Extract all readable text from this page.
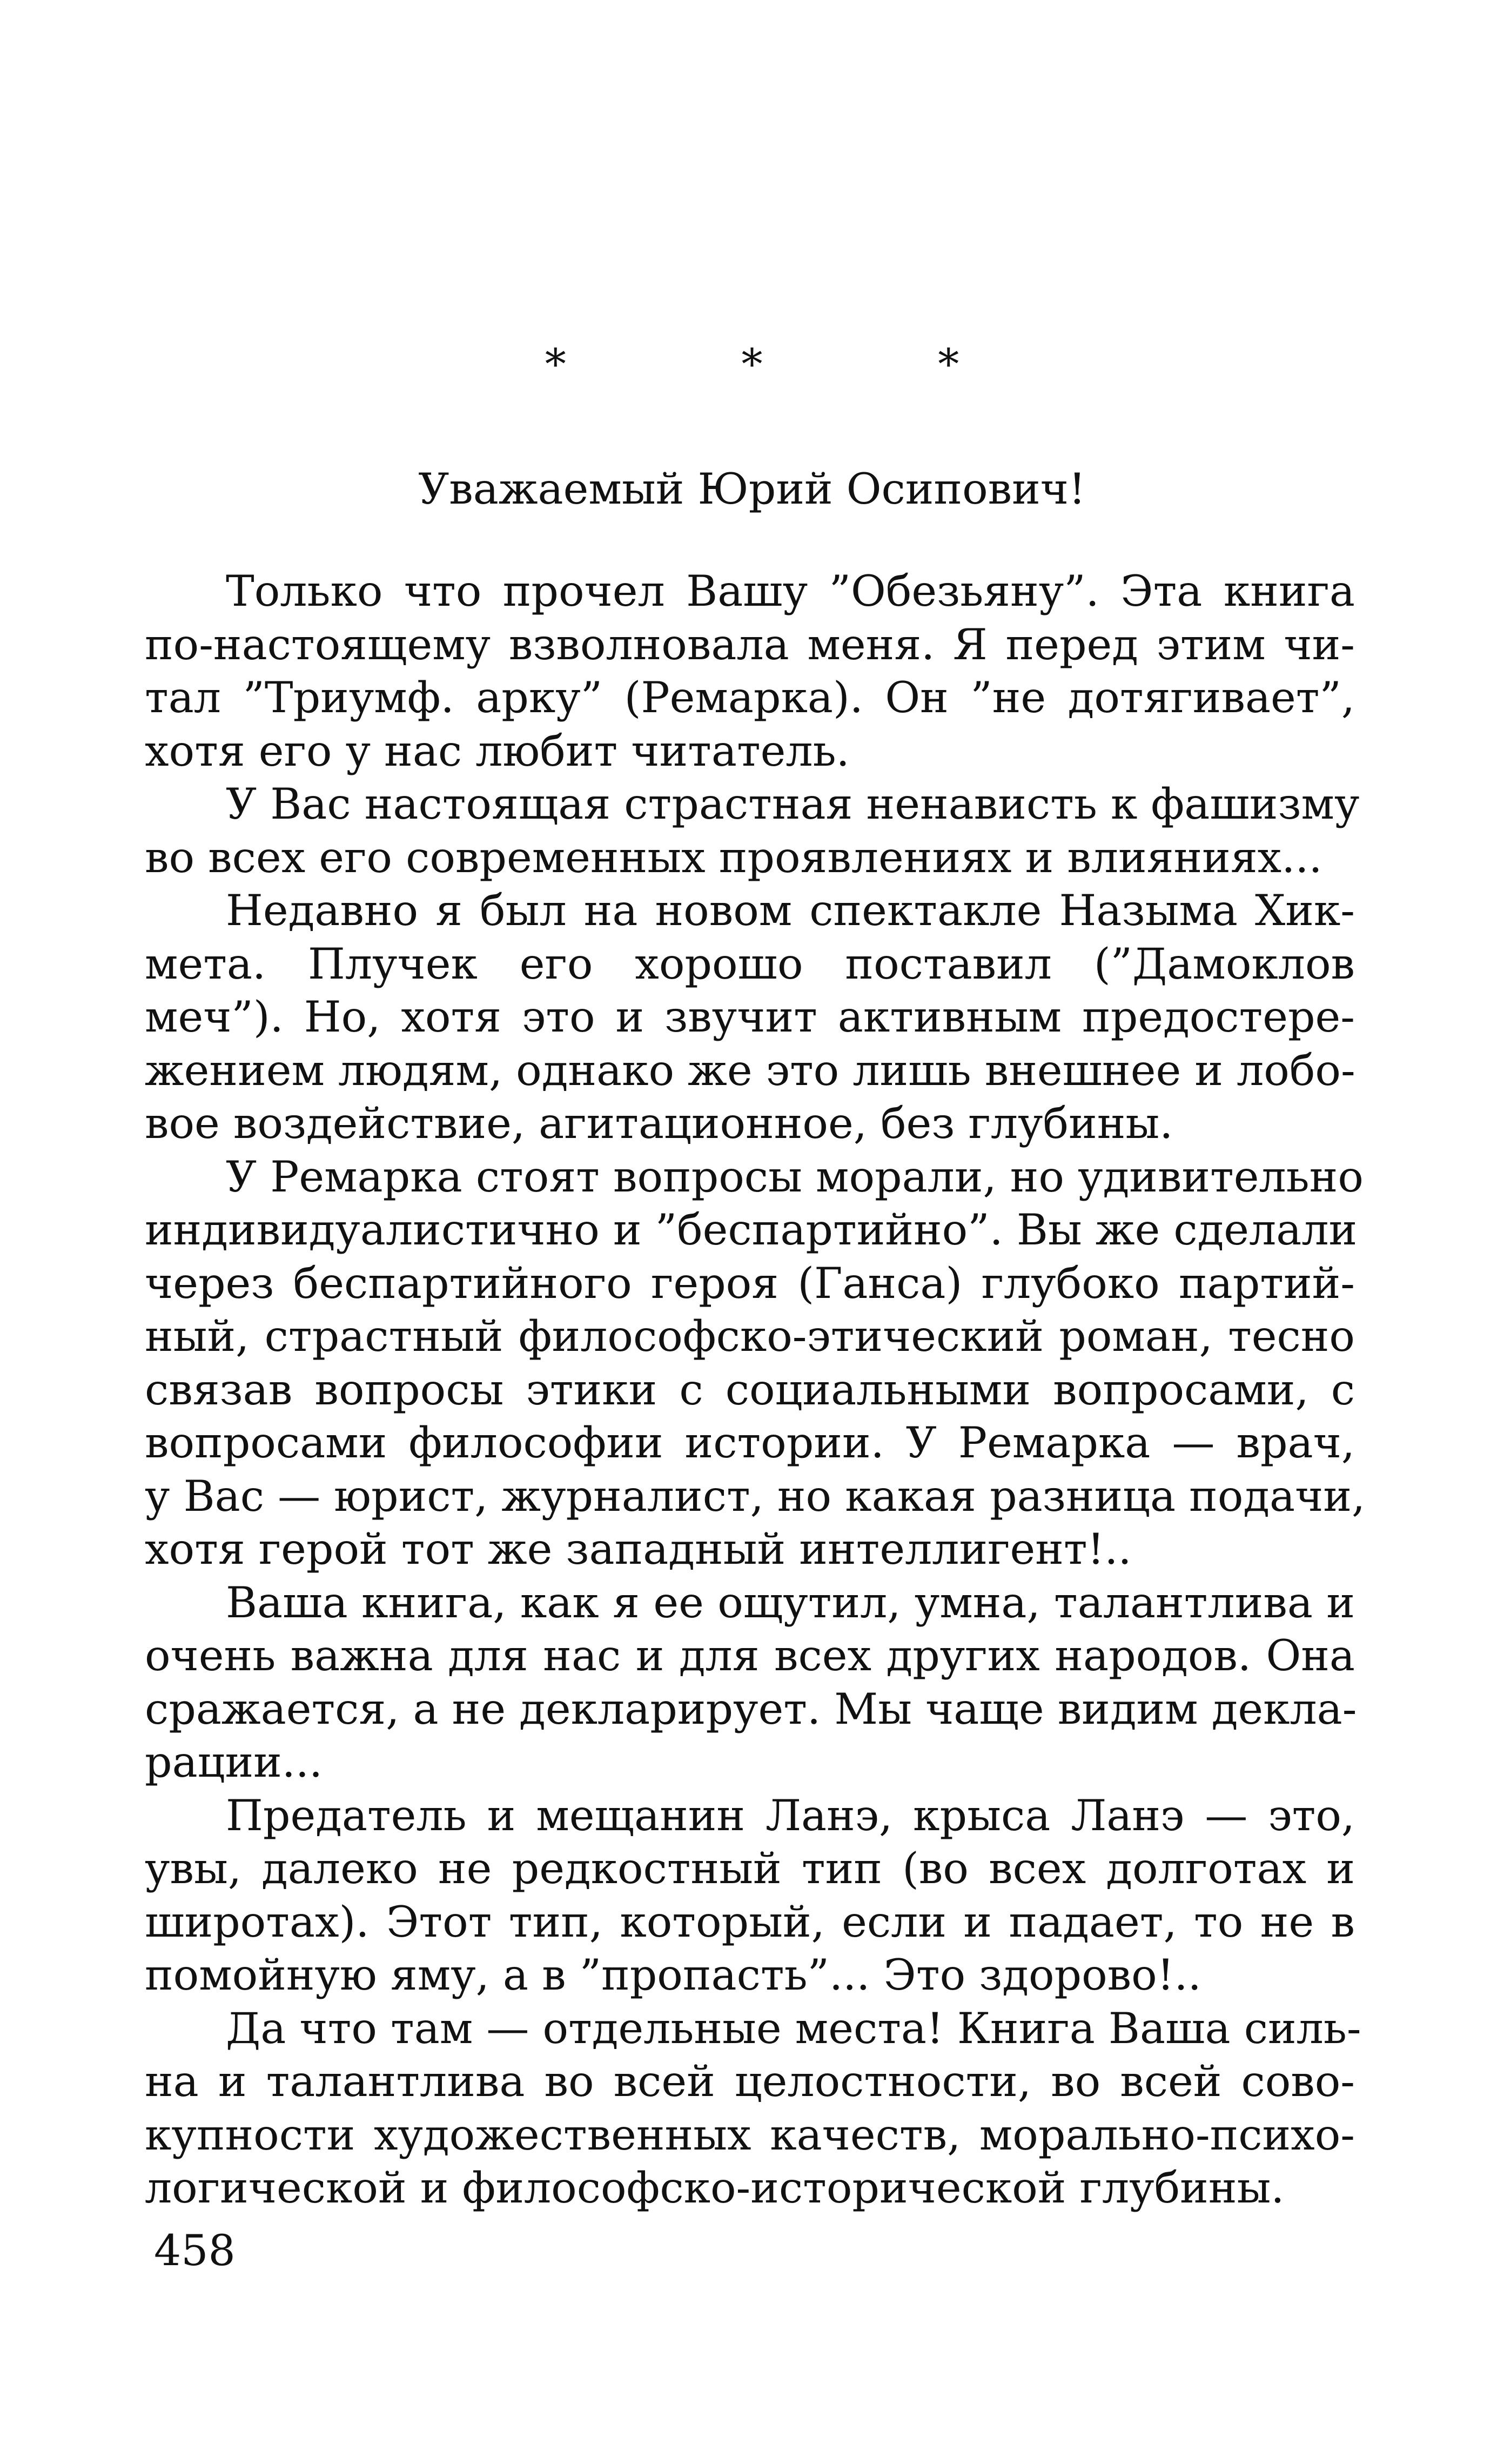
* * *
Уважаемый Юрий Осипович!
Только что прочел Вашу ”Обезьяну”. Эта книга
по-настоящему взволновала меня. Я перед этим чи-
тал ”Триумф. арку” (Ремарка). Он ”не дотягивает”,
хотя его у нас любит читатель.
У Вас настоящая страстная ненависть к фашизму
во всех его современных проявлениях и влияниях...
Недавно я был на новом спектакле Назыма Хик-
мета. Плучек его хорошо поставил (”Дамоклов
меч”). Но, хотя это и звучит активным предостере-
жением людям, однако же это лишь внешнее и лобо-
вое воздействие, агитационное, без глубины.
У Ремарка стоят вопросы морали, но удивительно
индивидуалистично и ”беспартийно”. Вы же сделали
через беспартийного героя (Ганса) глубоко партий-
ный, страстный философско-этический роман, тесно
связав вопросы этики с социальными вопросами, с
вопросами философии истории. У Ремарка — врач,
у Вас — юрист, журналист, но какая разница подачи,
хотя герой тот же западный интеллигент!..
Ваша книга, как я ее ощутил, умна, талантлива и
очень важна для нас и для всех других народов. Она
сражается, а не декларирует. Мы чаще видим декла-
рации...
Предатель и мещанин Ланэ, крыса Ланэ — это,
увы, далеко не редкостный тип (во всех долготах и
широтах). Этот тип, который, если и падает, то не в
помойную яму, а в ”пропасть”... Это здорово!..
Да что там — отдельные места! Книга Ваша силь-
на и талантлива во всей целостности, во всей сово-
купности художественных качеств, морально-психо-
логической и философско-исторической глубины.
458
